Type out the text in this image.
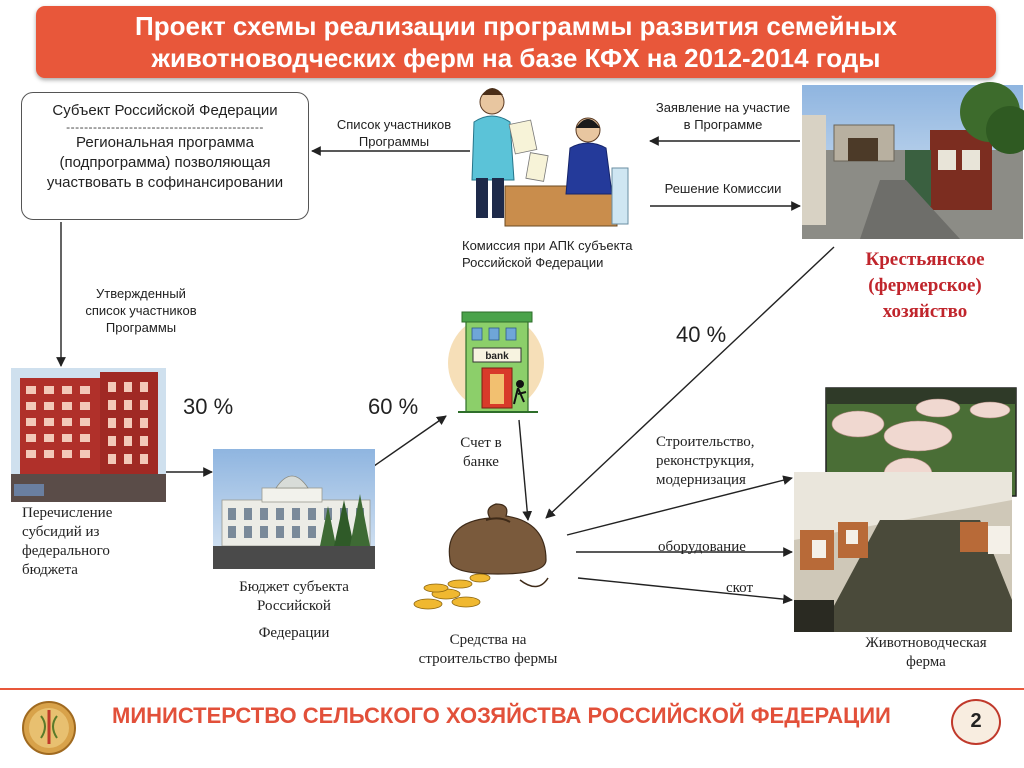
Проект схемы реализации программы развития семейных
животноводческих ферм на базе КФХ на 2012-2014 годы
Субъект Российской Федерации
--------------------------------------------
Региональная программа
(подпрограмма) позволяющая
участвовать в софинансировании
bank
Список участников
Программы
Заявление на участие
в Программе
Решение Комиссии
Комиссия при АПК субъекта
Российской Федерации
Утвержденный
список участников
Программы
30 %	60 %
40 %
Крестьянское
(фермерское)
хозяйство
Перечисление
субсидий из
федерального
бюджета
Бюджет субъекта
Российской
Федерации
Счет в
банке
Средства на
строительство фермы
Строительство,
реконструкция,
модернизация
оборудование
скот
Животноводческая
ферма
МИНИСТЕРСТВО СЕЛЬСКОГО ХОЗЯЙСТВА РОССИЙСКОЙ ФЕДЕРАЦИИ	2
